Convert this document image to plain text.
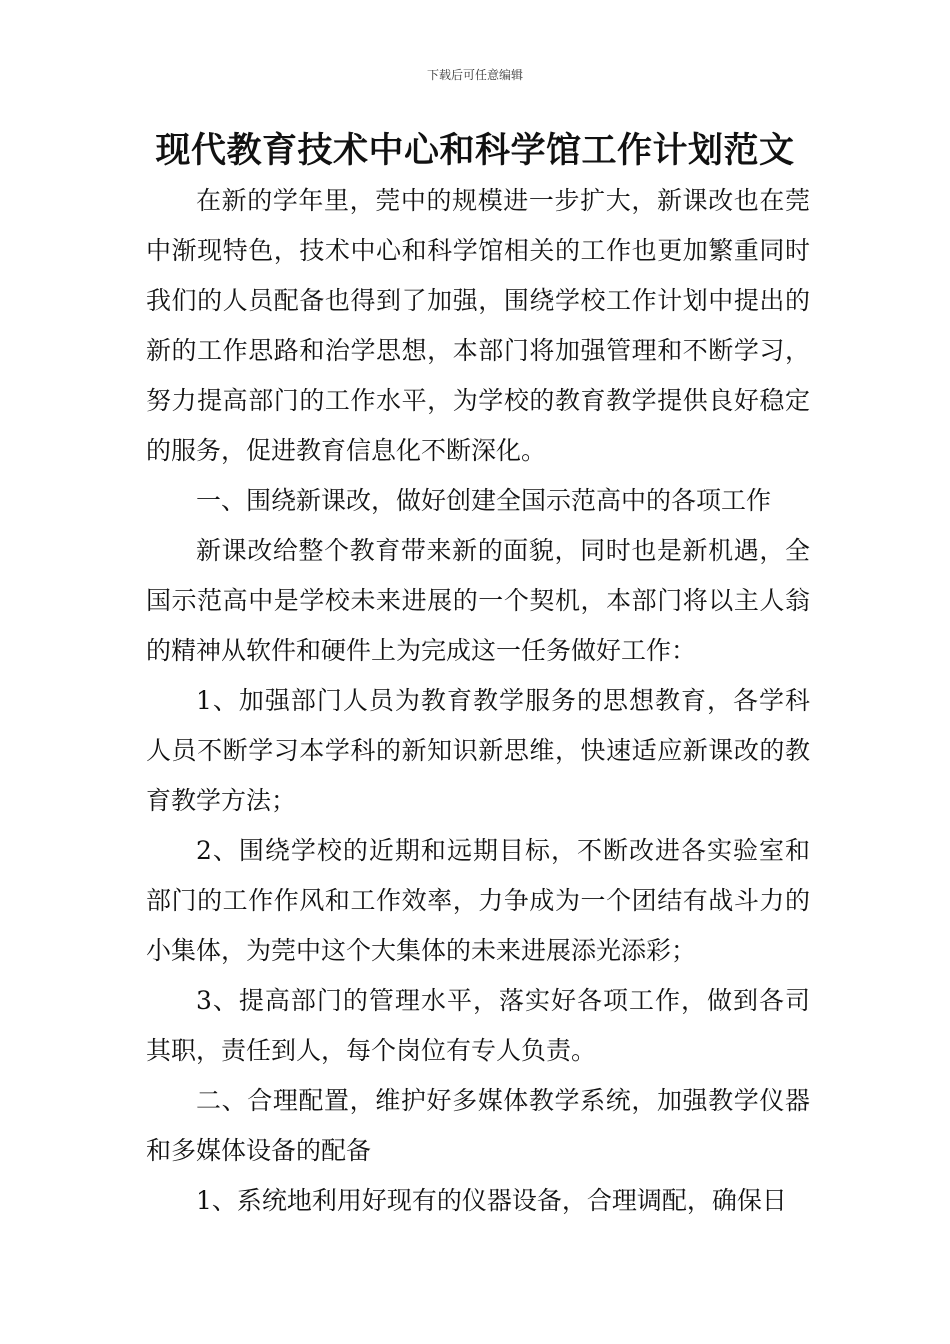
下载后可任意编辑
现代教育技术中心和科学馆工作计划范文

在新的学年里，莞中的规模进一步扩大，新课改也在莞中渐现特色，技术中心和科学馆相关的工作也更加繁重同时我们的人员配备也得到了加强，围绕学校工作计划中提出的新的工作思路和治学思想，本部门将加强管理和不断学习，努力提高部门的工作水平，为学校的教育教学提供良好稳定的服务，促进教育信息化不断深化。

一、围绕新课改，做好创建全国示范高中的各项工作

新课改给整个教育带来新的面貌，同时也是新机遇，全国示范高中是学校未来进展的一个契机，本部门将以主人翁的精神从软件和硬件上为完成这一任务做好工作：

1、加强部门人员为教育教学服务的思想教育，各学科人员不断学习本学科的新知识新思维，快速适应新课改的教育教学方法；

2、围绕学校的近期和远期目标，不断改进各实验室和部门的工作作风和工作效率，力争成为一个团结有战斗力的小集体，为莞中这个大集体的未来进展添光添彩；

3、提高部门的管理水平，落实好各项工作，做到各司其职，责任到人，每个岗位有专人负责。

二、合理配置，维护好多媒体教学系统，加强教学仪器和多媒体设备的配备

1、系统地利用好现有的仪器设备，合理调配，确保日
